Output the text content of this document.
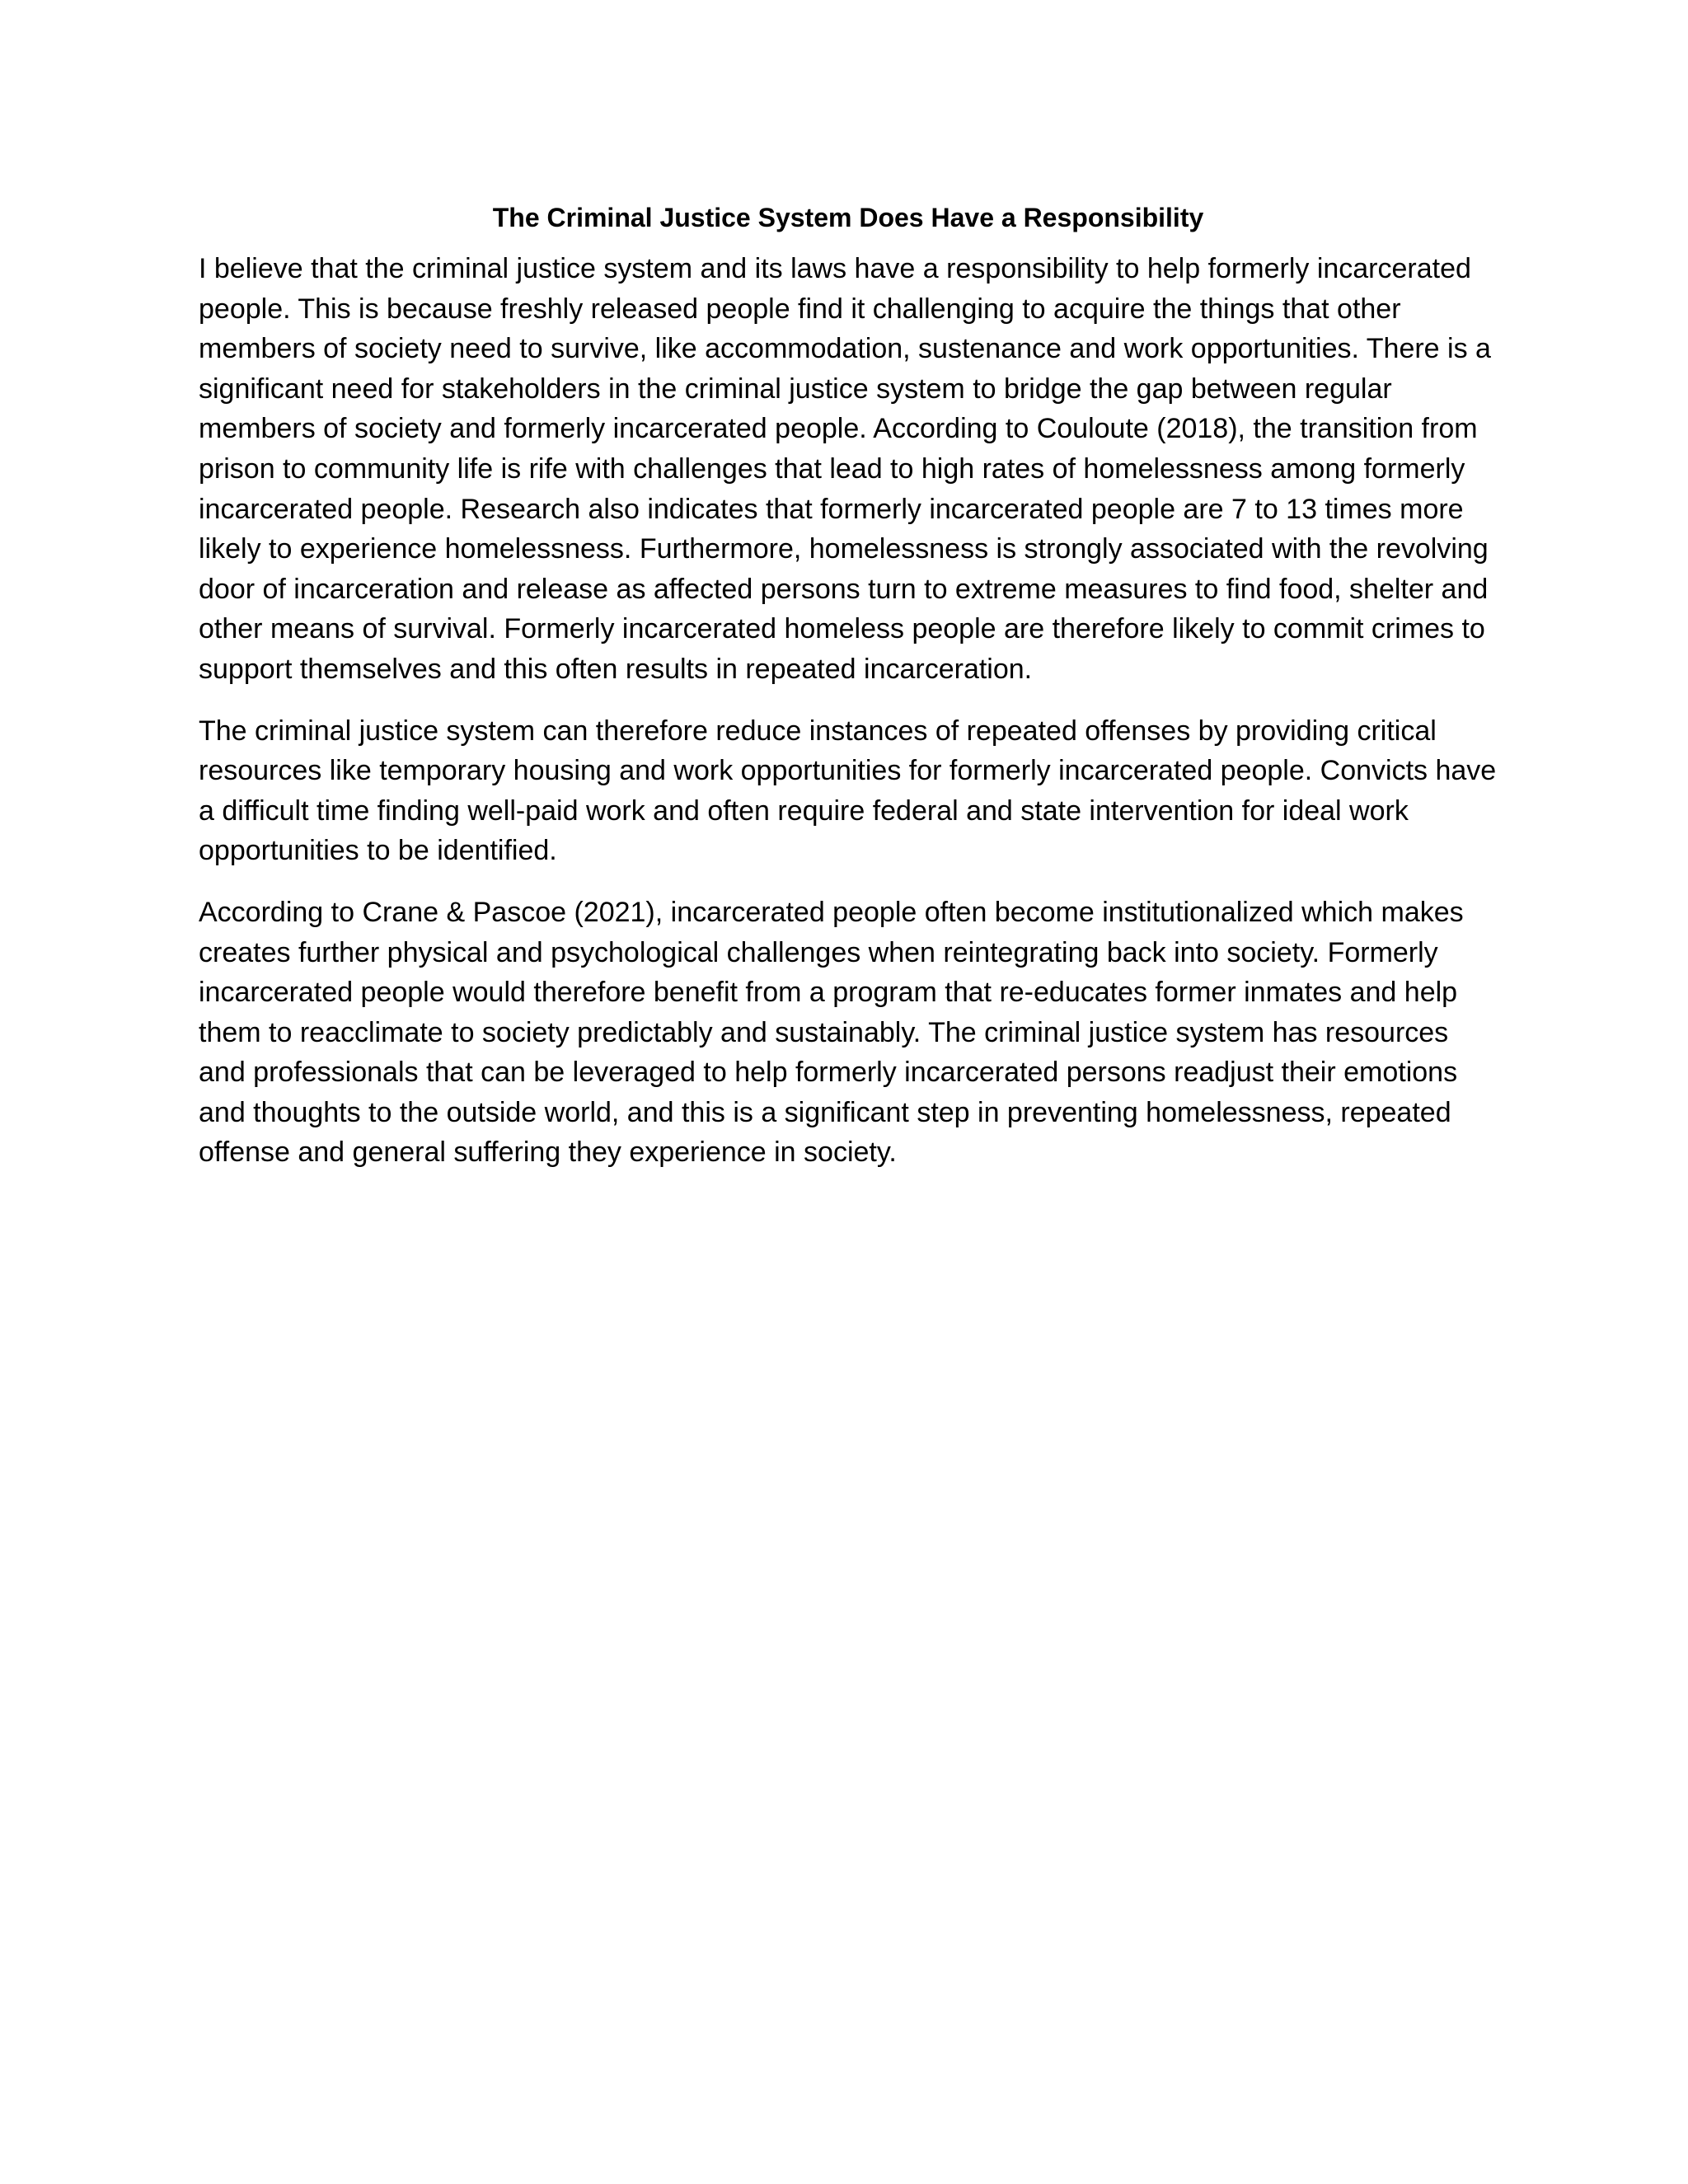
The Criminal Justice System Does Have a Responsibility

I believe that the criminal justice system and its laws have a responsibility to help formerly incarcerated people. This is because freshly released people find it challenging to acquire the things that other members of society need to survive, like accommodation, sustenance and work opportunities. There is a significant need for stakeholders in the criminal justice system to bridge the gap between regular members of society and formerly incarcerated people. According to Couloute (2018), the transition from prison to community life is rife with challenges that lead to high rates of homelessness among formerly incarcerated people. Research also indicates that formerly incarcerated people are 7 to 13 times more likely to experience homelessness. Furthermore, homelessness is strongly associated with the revolving door of incarceration and release as affected persons turn to extreme measures to find food, shelter and other means of survival. Formerly incarcerated homeless people are therefore likely to commit crimes to support themselves and this often results in repeated incarceration.

The criminal justice system can therefore reduce instances of repeated offenses by providing critical resources like temporary housing and work opportunities for formerly incarcerated people. Convicts have a difficult time finding well-paid work and often require federal and state intervention for ideal work opportunities to be identified.

According to Crane & Pascoe (2021), incarcerated people often become institutionalized which makes creates further physical and psychological challenges when reintegrating back into society. Formerly incarcerated people would therefore benefit from a program that re-educates former inmates and help them to reacclimate to society predictably and sustainably. The criminal justice system has resources and professionals that can be leveraged to help formerly incarcerated persons readjust their emotions and thoughts to the outside world, and this is a significant step in preventing homelessness, repeated offense and general suffering they experience in society.
